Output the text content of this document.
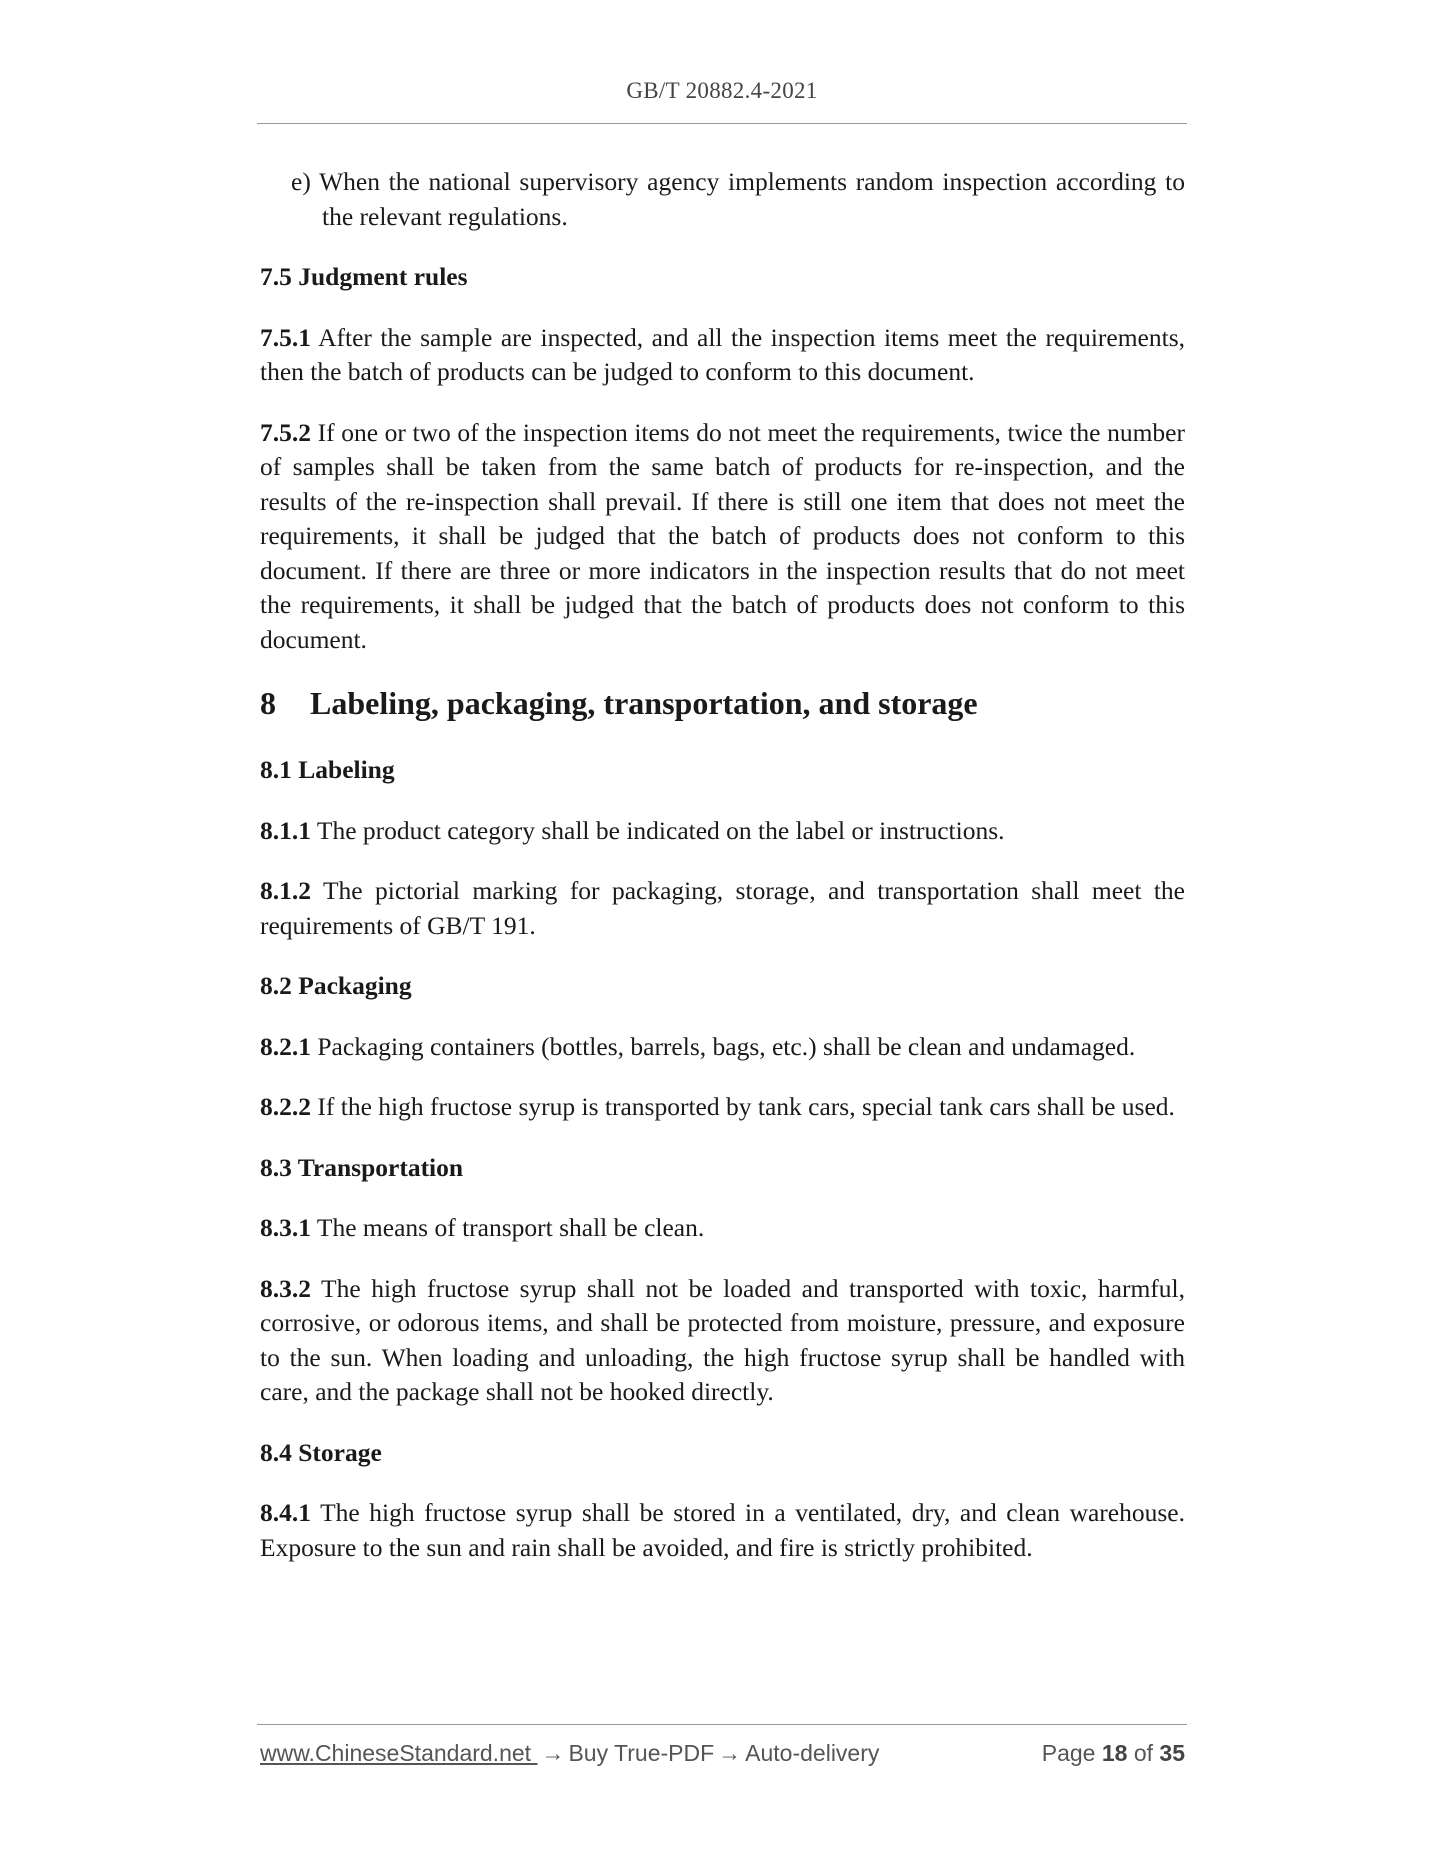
GB/T 20882.4-2021

e) When the national supervisory agency implements random inspection according to the relevant regulations.

7.5 Judgment rules

7.5.1 After the sample are inspected, and all the inspection items meet the requirements, then the batch of products can be judged to conform to this document.

7.5.2 If one or two of the inspection items do not meet the requirements, twice the number of samples shall be taken from the same batch of products for re-inspection, and the results of the re-inspection shall prevail. If there is still one item that does not meet the requirements, it shall be judged that the batch of products does not conform to this document. If there are three or more indicators in the inspection results that do not meet the requirements, it shall be judged that the batch of products does not conform to this document.

8 Labeling, packaging, transportation, and storage
8.1 Labeling

8.1.1 The product category shall be indicated on the label or instructions.

8.1.2 The pictorial marking for packaging, storage, and transportation shall meet the requirements of GB/T 191.

8.2 Packaging

8.2.1 Packaging containers (bottles, barrels, bags, etc.) shall be clean and undamaged.

8.2.2 If the high fructose syrup is transported by tank cars, special tank cars shall be used.

8.3 Transportation

8.3.1 The means of transport shall be clean.

8.3.2 The high fructose syrup shall not be loaded and transported with toxic, harmful, corrosive, or odorous items, and shall be protected from moisture, pressure, and exposure to the sun. When loading and unloading, the high fructose syrup shall be handled with care, and the package shall not be hooked directly.

8.4 Storage

8.4.1 The high fructose syrup shall be stored in a ventilated, dry, and clean warehouse. Exposure to the sun and rain shall be avoided, and fire is strictly prohibited.

www.ChineseStandard.net → Buy True-PDF → Auto-delivery	Page 18 of 35
